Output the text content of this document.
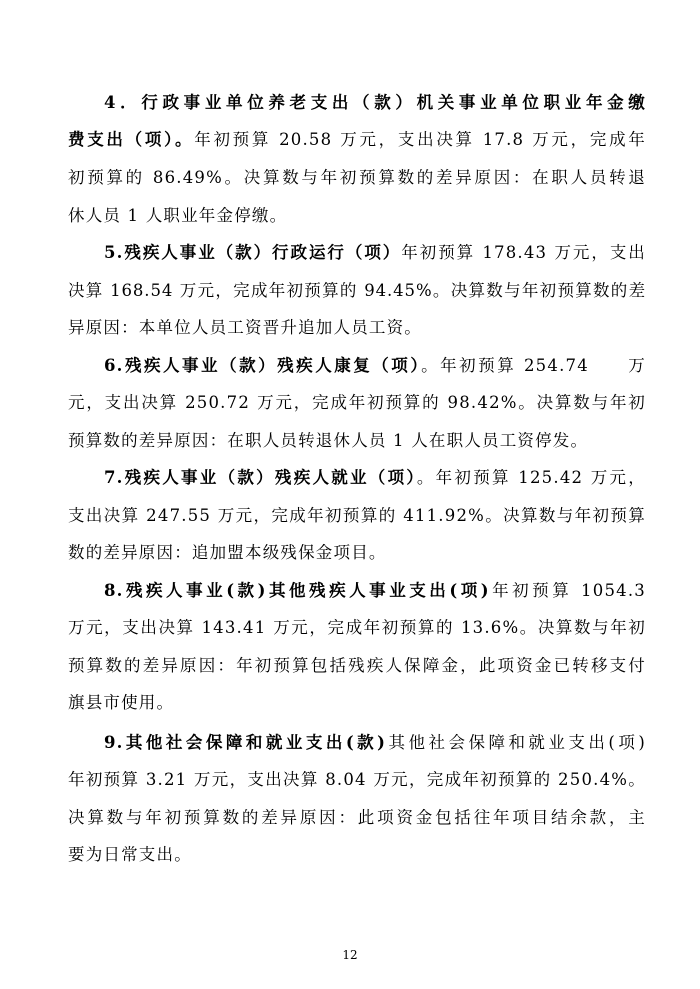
4．行政事业单位养老支出（款）机关事业单位职业年金缴
费支出（项）。年初预算 20.58 万元，支出决算 17.8 万元，完成年
初预算的 86.49%。决算数与年初预算数的差异原因：在职人员转退
休人员 1 人职业年金停缴。
5.残疾人事业（款）行政运行（项）年初预算 178.43 万元，支出
决算 168.54 万元，完成年初预算的 94.45%。决算数与年初预算数的差
异原因：本单位人员工资晋升追加人员工资。
6.残疾人事业（款）残疾人康复（项）。年初预算 254.74　　万
元，支出决算 250.72 万元，完成年初预算的 98.42%。决算数与年初
预算数的差异原因：在职人员转退休人员 1 人在职人员工资停发。
7.残疾人事业（款）残疾人就业（项）。年初预算 125.42 万元，
支出决算 247.55 万元，完成年初预算的 411.92%。决算数与年初预算
数的差异原因：追加盟本级残保金项目。
8.残疾人事业(款)其他残疾人事业支出(项)年初预算 1054.3
万元，支出决算 143.41 万元，完成年初预算的 13.6%。决算数与年初
预算数的差异原因：年初预算包括残疾人保障金，此项资金已转移支付
旗县市使用。
9.其他社会保障和就业支出(款)其他社会保障和就业支出(项)
年初预算 3.21 万元，支出决算 8.04 万元，完成年初预算的 250.4%。
决算数与年初预算数的差异原因：此项资金包括往年项目结余款，主
要为日常支出。
12
